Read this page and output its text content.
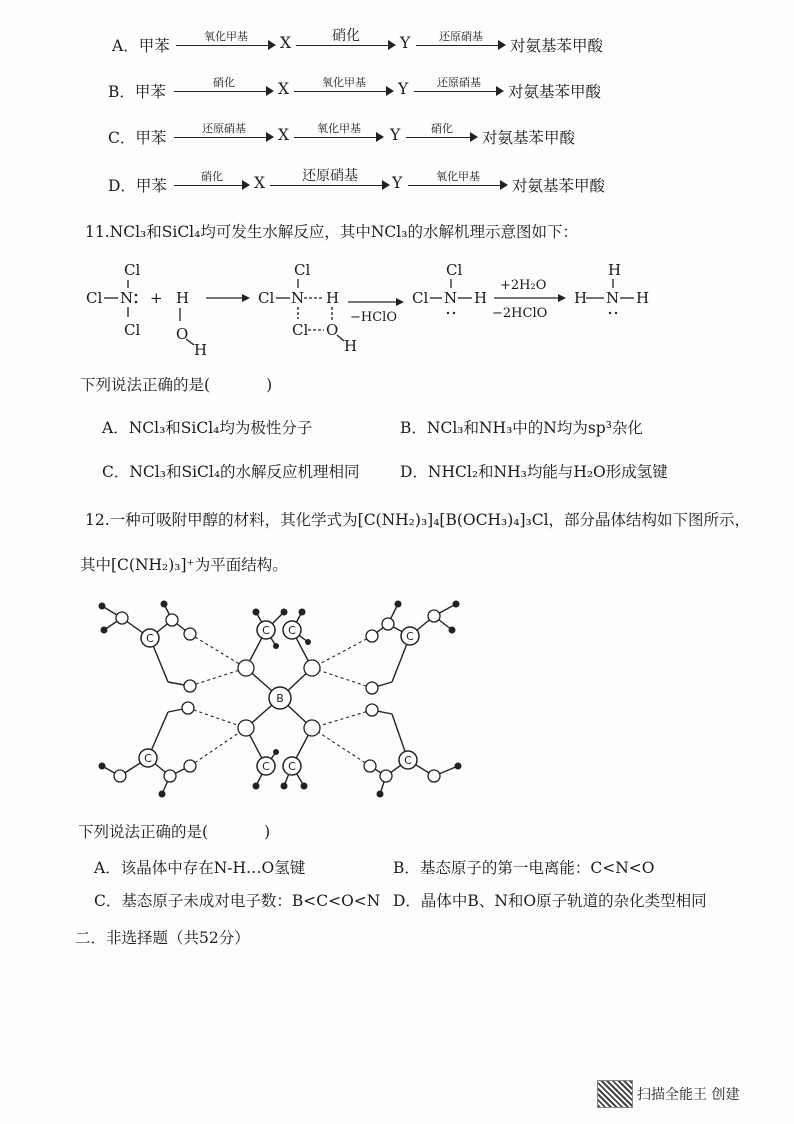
A．甲苯
氧化甲基	X	硝化	Y	还原硝基
对氨基苯甲酸
B．甲苯
硝化	X	氧化甲基	Y	还原硝基
对氨基苯甲酸
C．甲苯
还原硝基	X	氧化甲基	Y	硝化
对氨基苯甲酸
D．甲苯
硝化	X	还原硝基	Y	氧化甲基
对氨基苯甲酸
11.NCl₃和SiCl₄均可发生水解反应，其中NCl₃的水解机理示意图如下：
Cl
Cl N
Cl
+ H
O
H
Cl
Cl N H
Cl O
H
−HClO
Cl
Cl N H
+2H₂O
−2HClO
H
H N H
下列说法正确的是(	)
A．NCl₃和SiCl₄均为极性分子	B．NCl₃和NH₃中的N均为sp³杂化
C．NCl₃和SiCl₄的水解反应机理相同	D．NHCl₂和NH₃均能与H₂O形成氢键
12.一种可吸附甲醇的材料，其化学式为[C(NH₂)₃]₄[B(OCH₃)₄]₃Cl，部分晶体结构如下图所示，
其中[C(NH₂)₃]⁺为平面结构。
B
C
C
C
C
C C
C C
下列说法正确的是(	)
A．该晶体中存在N-H…O氢键	B．基态原子的第一电离能：C<N<O
C．基态原子未成对电子数：B<C<O<N D．晶体中B、N和O原子轨道的杂化类型相同
二．非选择题（共52分）
扫描全能王 创建
